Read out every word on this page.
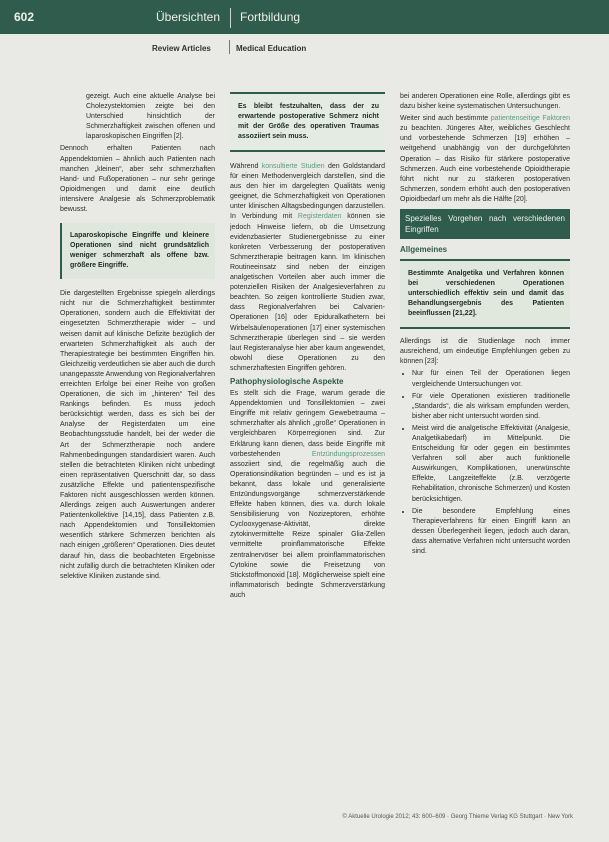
602	Übersichten Fortbildung
Review Articles	Medical Education

gezeigt. Auch eine aktuelle Analyse bei Cholezystektomien zeigte bei den Unterschied hinsichtlich der Schmerzhaftigkeit zwischen offenen und laparoskopischen Eingriffen [2].

Dennoch erhalten Patienten nach Appendektomien – ähnlich auch Patienten nach manchen „kleinen“, aber sehr schmerzhaften Hand- und Fußoperationen – nur sehr geringe Opioidmengen und damit eine deutlich intensivere Analgesie als Schmerzproblematik bewusst.

Laparoskopische Eingriffe und kleinere Operationen sind nicht grundsätzlich weniger schmerzhaft als offene bzw. größere Eingriffe.

Die dargestellten Ergebnisse spiegeln allerdings nicht nur die Schmerzhaftigkeit bestimmter Operationen, sondern auch die Effektivität der eingesetzten Schmerztherapie wider – und weisen damit auf klinische Defizite bezüglich der erwarteten Schmerzhaftigkeit als auch der Therapiestrategie bei bestimmten Eingriffen hin. Gleichzeitig verdeutlichen sie aber auch die durch unangepasste Anwendung von Regionalverfahren erreichten Erfolge bei einer Reihe von großen Operationen, die sich im „hinteren“ Teil des Rankings befinden. Es muss jedoch berücksichtigt werden, dass es sich bei der Analyse der Registerdaten um eine Beobachtungsstudie handelt, bei der weder die Art der Schmerztherapie noch andere Rahmenbedingungen standardisiert waren. Auch stellen die betrachteten Kliniken nicht unbedingt einen repräsentativen Querschnitt dar, so dass zusätzliche Effekte und patientenspezifische Faktoren nicht ausgeschlossen werden können. Allerdings zeigen auch Auswertungen anderer Patientenkollektive [14,15], dass Patienten z.B. nach Appendektomien und Tonsillektomien wesentlich stärkere Schmerzen berichten als nach einigen „größeren“ Operationen. Dies deutet darauf hin, dass die beobachteten Ergebnisse nicht zufällig durch die betrachteten Kliniken oder selektive Kliniken zustande sind.

Es bleibt festzuhalten, dass der zu erwartende postoperative Schmerz nicht mit der Größe des operativen Traumas assoziiert sein muss.

Während konsultierte Studien den Goldstandard für einen Methodenvergleich darstellen, sind die aus den hier im dargelegten Qualitäts wenig geeignet, die Schmerzhaftigkeit von Operationen unter klinischen Alltagsbedingungen darzustellen. In Verbindung mit Registerdaten können sie jedoch Hinweise liefern, ob die Umsetzung evidenzbasierter Studienergebnisse zu einer konkreten Verbesserung der postoperativen Schmerztherapie beitragen kann. Im klinischen Routineeinsatz sind neben der einzigen analgetischen Vorteilen aber auch immer die potenziellen Risiken der Analgesieverfahren zu beachten. So zeigen kontrollierte Studien zwar, dass Regionalverfahren bei Calvarien-Operationen [16] oder Epiduralkathetern bei Wirbelsäulenoperationen [17] einer systemischen Schmerztherapie überlegen sind – sie werden laut Registeranalyse hier aber kaum angewendet, obwohl diese Operationen zu den schmerzhaftesten Eingriffen gehören.

Pathophysiologische Aspekte

Es stellt sich die Frage, warum gerade die Appendektomien und Tonsillektomien – zwei Eingriffe mit relativ geringem Gewebetrauma – schmerzhafter als ähnlich „große“ Operationen in vergleichbaren Körperregionen sind. Zur Erklärung kann dienen, dass beide Eingriffe mit vorbestehenden Entzündungsprozessen assoziiert sind, die regelmäßig auch die Operationsindikation begründen – und es ist ja bekannt, dass lokale und generalisierte Entzündungsvorgänge schmerzverstärkende Effekte haben können, dies v.a. durch lokale Sensibilisierung von Nozizeptoren, erhöhte Cyclooxygenase-Aktivität, direkte zytokinvermittelte Reize spinaler Glia-Zellen vermittelte proinflammatorische Effekte zentralnervöser bei allem proinflammatorischen Cytokine sowie die Freisetzung von Stickstoffmonoxid [18]. Möglicherweise spielt eine inflammatorisch bedingte Schmerzverstärkung auch

bei anderen Operationen eine Rolle, allerdings gibt es dazu bisher keine systematischen Untersuchungen.

Weiter sind auch bestimmte patientenseitige Faktoren zu beachten. Jüngeres Alter, weibliches Geschlecht und vorbestehende Schmerzen [19] erhöhen – weitgehend unabhängig von der durchgeführten Operation – das Risiko für stärkere postoperative Schmerzen. Auch eine vorbestehende Opioidtherapie führt nicht nur zu stärkeren postoperativen Schmerzen, sondern erhöht auch den postoperativen Opioidbedarf um mehr als die Hälfte [20].

Spezielles Vorgehen nach verschiedenen Eingriffen
Allgemeines
Bestimmte Analgetika und Verfahren können bei verschiedenen Operationen unterschiedlich effektiv sein und damit das Behandlungsergebnis des Patienten beeinflussen [21,22].

Allerdings ist die Studienlage noch immer ausreichend, um eindeutige Empfehlungen geben zu können [23]:

• Nur für einen Teil der Operationen liegen vergleichende Untersuchungen vor.
• Für viele Operationen existieren traditionelle „Standards“, die als wirksam empfunden werden, bisher aber nicht untersucht worden sind.
• Meist wird die analgetische Effektivität (Analgesie, Analgetikabedarf) im Mittelpunkt. Die Entscheidung für oder gegen ein bestimmtes Verfahren soll aber auch funktionelle Auswirkungen, Komplikationen, unerwünschte Effekte, Langzeiteffekte (z.B. verzögerte Rehabilitation, chronische Schmerzen) und Kosten berücksichtigen.
• Die besondere Empfehlung eines Therapieverfahrens für einen Eingriff kann an dessen Überlegenheit liegen, jedoch auch daran, dass alternative Verfahren nicht untersucht worden sind.
© Aktuelle Urologie 2012; 43: 600–609 · Georg Thieme Verlag KG Stuttgart · New York
